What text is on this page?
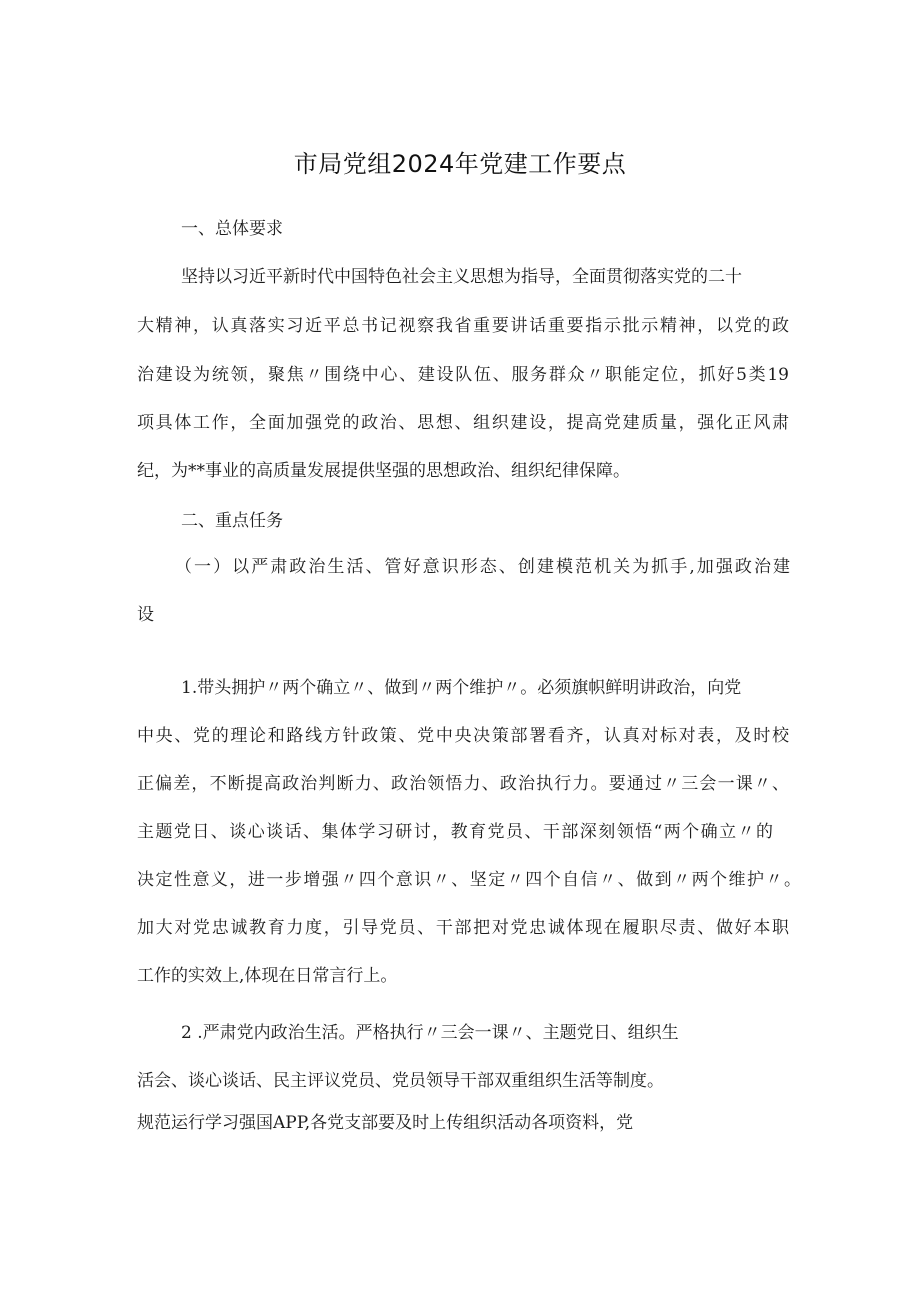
市局党组2024年党建工作要点
一、总体要求
坚持以习近平新时代中国特色社会主义思想为指导，全面贯彻落实党的二十
大精神，认真落实习近平总书记视察我省重要讲话重要指示批示精神，以党的政
治建设为统领，聚焦〃围绕中心、建设队伍、服务群众〃职能定位，抓好5类19
项具体工作，全面加强党的政治、思想、组织建设，提高党建质量，强化正风肃
纪，为**事业的高质量发展提供坚强的思想政治、组织纪律保障。
二、重点任务
（一）以严肃政治生活、管好意识形态、创建模范机关为抓手,加强政治建
设
1.带头拥护〃两个确立〃、做到〃两个维护〃。必须旗帜鲜明讲政治，向党
中央、党的理论和路线方针政策、党中央决策部署看齐，认真对标对表，及时校
正偏差，不断提高政治判断力、政治领悟力、政治执行力。要通过〃三会一课〃、
主题党日、谈心谈话、集体学习研讨，教育党员、干部深刻领悟“两个确立〃的
决定性意义，进一步增强〃四个意识〃、坚定〃四个自信〃、做到〃两个维护〃。
加大对党忠诚教育力度，引导党员、干部把对党忠诚体现在履职尽责、做好本职
工作的实效上,体现在日常言行上。
2 .严肃党内政治生活。严格执行〃三会一课〃、主题党日、组织生
活会、谈心谈话、民主评议党员、党员领导干部双重组织生活等制度。
规范运行学习强国APP,各党支部要及时上传组织活动各项资料，党
